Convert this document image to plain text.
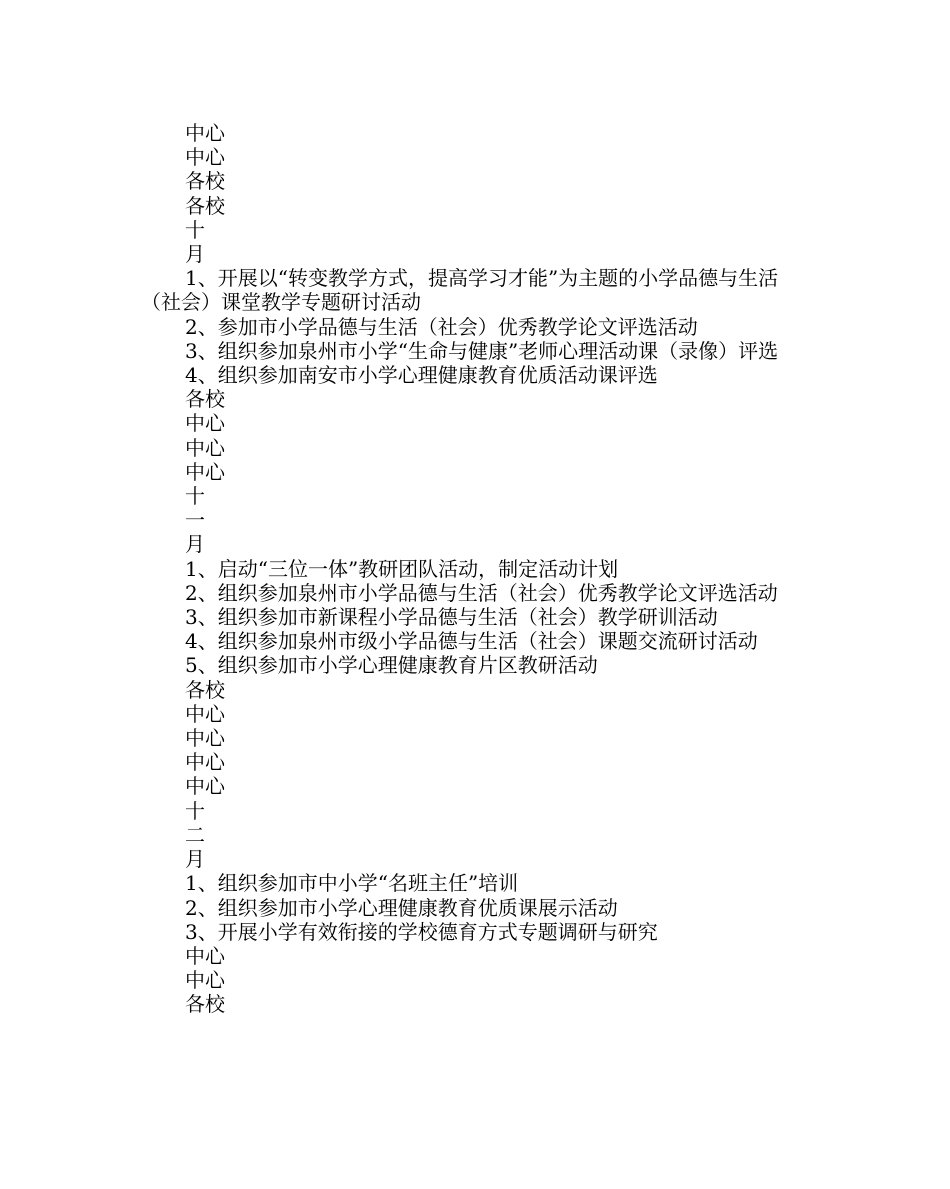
中心

中心

各校

各校

十

月

1、开展以“转变教学方式，提高学习才能”为主题的小学品德与生活（社会）课堂教学专题研讨活动

2、参加市小学品德与生活（社会）优秀教学论文评选活动

3、组织参加泉州市小学“生命与健康”老师心理活动课（录像）评选

4、组织参加南安市小学心理健康教育优质活动课评选

各校

中心

中心

中心

十

一

月

1、启动“三位一体”教研团队活动，制定活动计划

2、组织参加泉州市小学品德与生活（社会）优秀教学论文评选活动

3、组织参加市新课程小学品德与生活（社会）教学研训活动

4、组织参加泉州市级小学品德与生活（社会）课题交流研讨活动

5、组织参加市小学心理健康教育片区教研活动

各校

中心

中心

中心

中心

十

二

月

1、组织参加市中小学“名班主任”培训

2、组织参加市小学心理健康教育优质课展示活动

3、开展小学有效衔接的学校德育方式专题调研与研究

中心

中心

各校
